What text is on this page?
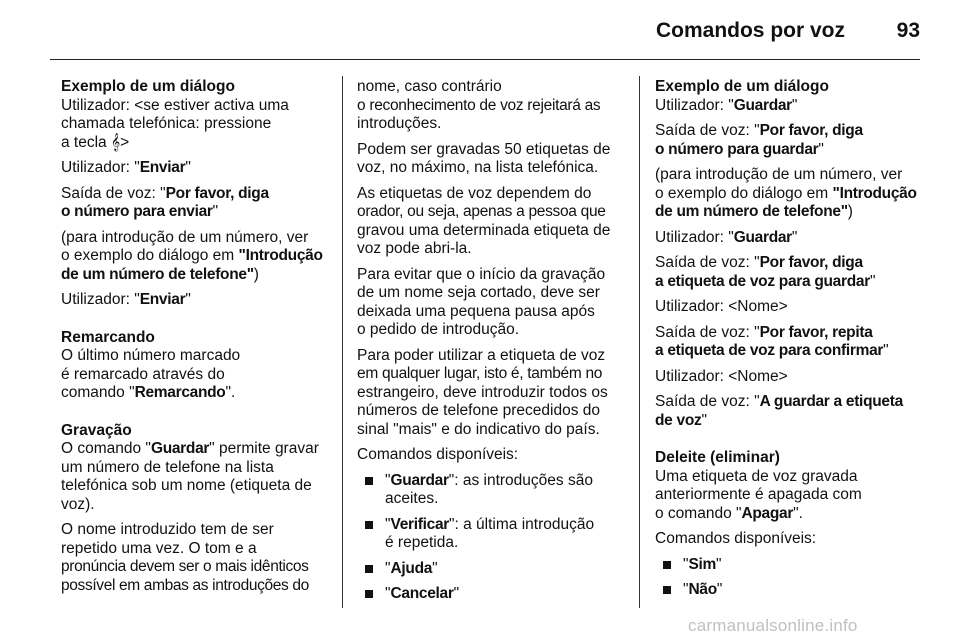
Comandos por voz	93
Exemplo de um diálogo

Utilizador: <se estiver activa uma
chamada telefónica: pressione
a tecla 𝄞>

Utilizador: "Enviar"

Saída de voz: "Por favor, diga
o número para enviar"

(para introdução de um número, ver
o exemplo do diálogo em "Introdução
de um número de telefone")

Utilizador: "Enviar"

Remarcando

O último número marcado
é remarcado através do
comando "Remarcando".

Gravação

O comando "Guardar" permite gravar
um número de telefone na lista
telefónica sob um nome (etiqueta de
voz).

O nome introduzido tem de ser
repetido uma vez. O tom e a
pronúncia devem ser o mais idênticos
possível em ambas as introduções do

nome, caso contrário
o reconhecimento de voz rejeitará as
introduções.

Podem ser gravadas 50 etiquetas de
voz, no máximo, na lista telefónica.

As etiquetas de voz dependem do
orador, ou seja, apenas a pessoa que
gravou uma determinada etiqueta de
voz pode abri-la.

Para evitar que o início da gravação
de um nome seja cortado, deve ser
deixada uma pequena pausa após
o pedido de introdução.

Para poder utilizar a etiqueta de voz
em qualquer lugar, isto é, também no
estrangeiro, deve introduzir todos os
números de telefone precedidos do
sinal "mais" e do indicativo do país.

Comandos disponíveis:

"Guardar": as introduções são
aceites.
"Verificar": a última introdução
é repetida.
"Ajuda"
"Cancelar"
Exemplo de um diálogo

Utilizador: "Guardar"

Saída de voz: "Por favor, diga
o número para guardar"

(para introdução de um número, ver
o exemplo do diálogo em "Introdução
de um número de telefone")

Utilizador: "Guardar"

Saída de voz: "Por favor, diga
a etiqueta de voz para guardar"

Utilizador: <Nome>

Saída de voz: "Por favor, repita
a etiqueta de voz para confirmar"

Utilizador: <Nome>

Saída de voz: "A guardar a etiqueta
de voz"

Deleite (eliminar)

Uma etiqueta de voz gravada
anteriormente é apagada com
o comando "Apagar".

Comandos disponíveis:

"Sim"
"Não"
carmanualsonline.info
